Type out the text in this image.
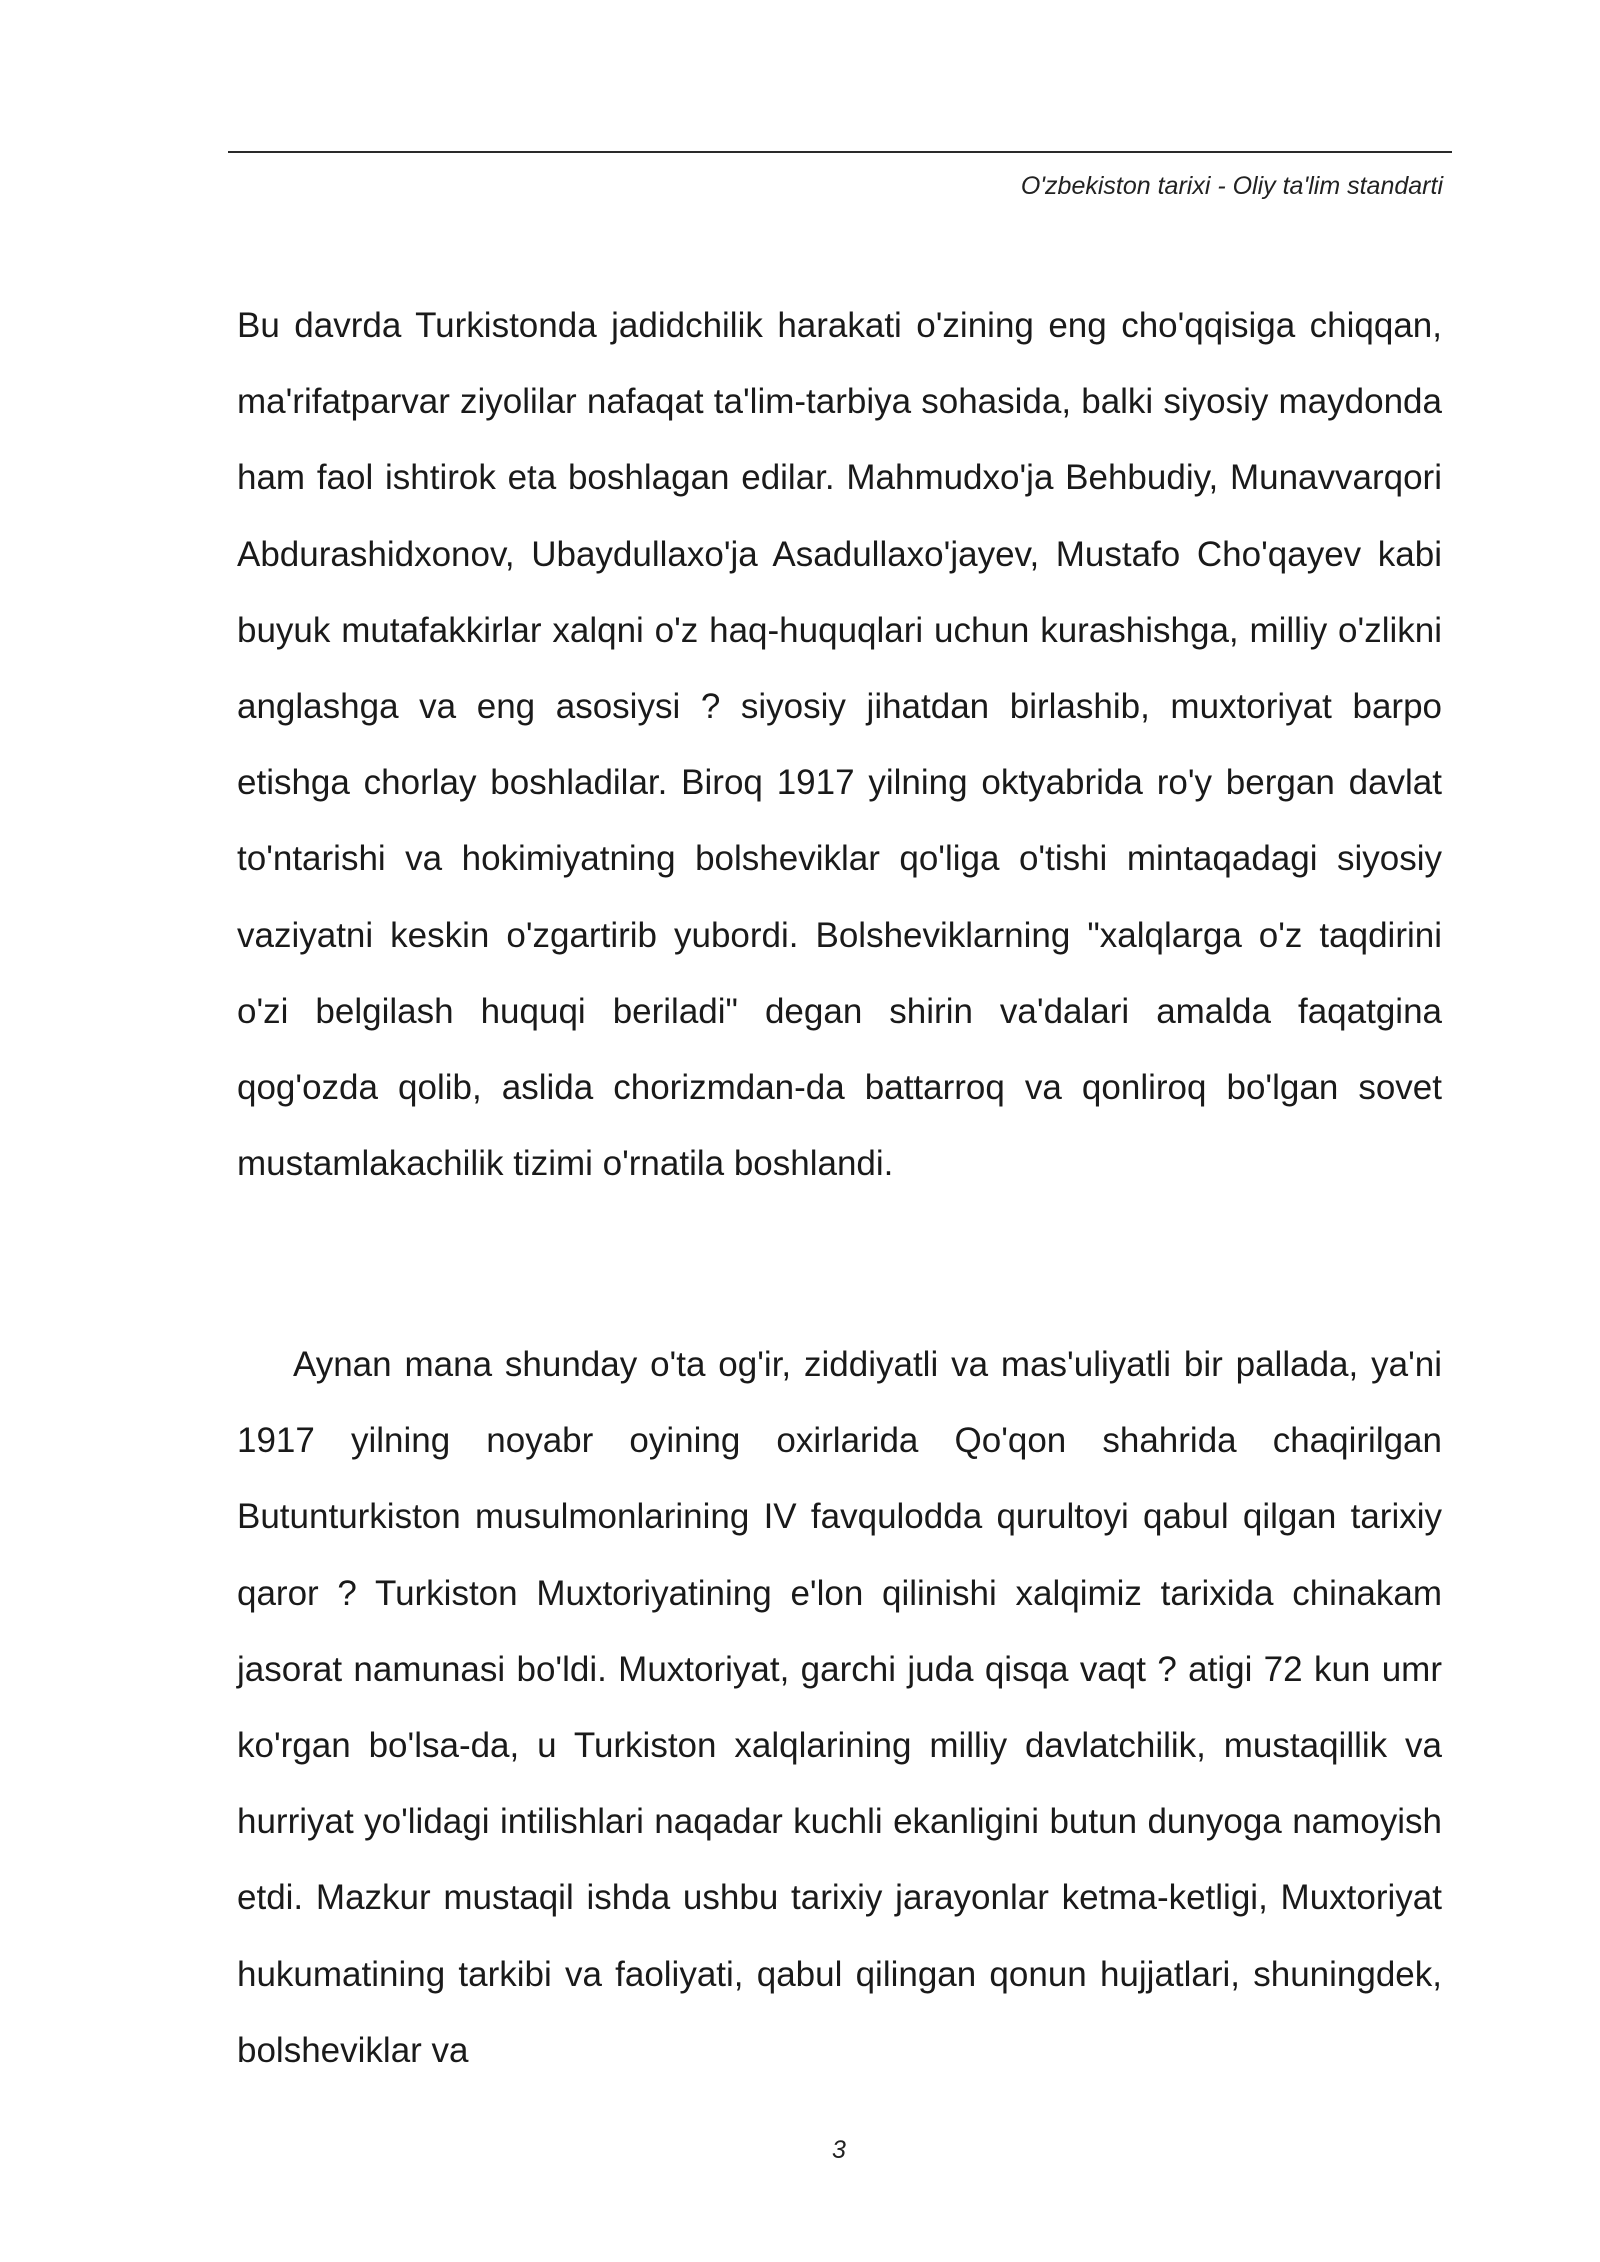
O'zbekiston tarixi - Oliy ta'lim standarti

Bu davrda Turkistonda jadidchilik harakati o'zining eng cho'qqisiga chiqqan, ma'rifatparvar ziyolilar nafaqat ta'lim-tarbiya sohasida, balki siyosiy maydonda ham faol ishtirok eta boshlagan edilar. Mahmudxo'ja Behbudiy, Munavvarqori Abdurashidxonov, Ubaydullaxo'ja Asadullaxo'jayev, Mustafo Cho'qayev kabi buyuk mutafakkirlar xalqni o'z haq-huquqlari uchun kurashishga, milliy o'zlikni anglashga va eng asosiysi ? siyosiy jihatdan birlashib, muxtoriyat barpo etishga chorlay boshladilar. Biroq 1917 yilning oktyabrida ro'y bergan davlat to'ntarishi va hokimiyatning bolsheviklar qo'liga o'tishi mintaqadagi siyosiy vaziyatni keskin o'zgartirib yubordi. Bolsheviklarning "xalqlarga o'z taqdirini o'zi belgilash huquqi beriladi" degan shirin va'dalari amalda faqatgina qog'ozda qolib, aslida chorizmdan-da battarroq va qonliroq bo'lgan sovet mustamlakachilik tizimi o'rnatila boshlandi.

Aynan mana shunday o'ta og'ir, ziddiyatli va mas'uliyatli bir pallada, ya'ni 1917 yilning noyabr oyining oxirlarida Qo'qon shahrida chaqirilgan Butunturkiston musulmonlarining IV favqulodda qurultoyi qabul qilgan tarixiy qaror ? Turkiston Muxtoriyatining e'lon qilinishi xalqimiz tarixida chinakam jasorat namunasi bo'ldi. Muxtoriyat, garchi juda qisqa vaqt ? atigi 72 kun umr ko'rgan bo'lsa-da, u Turkiston xalqlarining milliy davlatchilik, mustaqillik va hurriyat yo'lidagi intilishlari naqadar kuchli ekanligini butun dunyoga namoyish etdi. Mazkur mustaqil ishda ushbu tarixiy jarayonlar ketma-ketligi, Muxtoriyat hukumatining tarkibi va faoliyati, qabul qilingan qonun hujjatlari, shuningdek, bolsheviklar va

3
